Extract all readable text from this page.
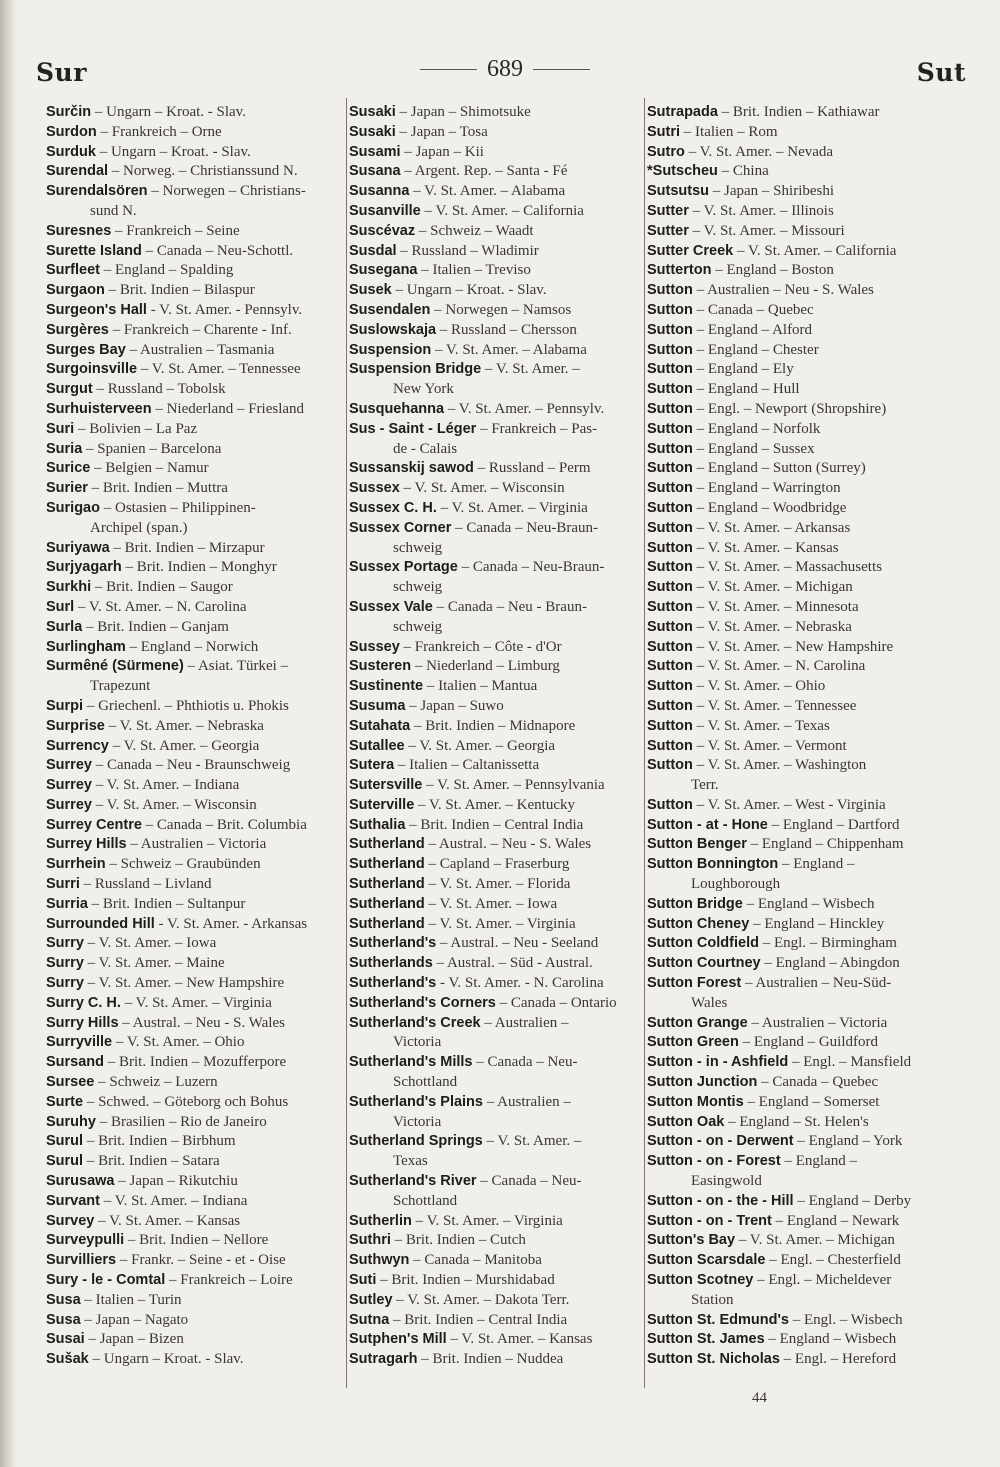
Sur	689	Sut
Surčin – Ungarn – Kroat. - Slav.
Surdon – Frankreich – Orne
Surduk – Ungarn – Kroat. - Slav.
Surendal – Norweg. – Christianssund N.
Surendalsören – Norwegen – Christians-
sund N.
Suresnes – Frankreich – Seine
Surette Island – Canada – Neu-Schottl.
Surfleet – England – Spalding
Surgaon – Brit. Indien – Bilaspur
Surgeon's Hall - V. St. Amer. - Pennsylv.
Surgères – Frankreich – Charente - Inf.
Surges Bay – Australien – Tasmania
Surgoinsville – V. St. Amer. – Tennessee
Surgut – Russland – Tobolsk
Surhuisterveen – Niederland – Friesland
Suri – Bolivien – La Paz
Suria – Spanien – Barcelona
Surice – Belgien – Namur
Surier – Brit. Indien – Muttra
Surigao – Ostasien – Philippinen-
Archipel (span.)
Suriyawa – Brit. Indien – Mirzapur
Surjyagarh – Brit. Indien – Monghyr
Surkhi – Brit. Indien – Saugor
Surl – V. St. Amer. – N. Carolina
Surla – Brit. Indien – Ganjam
Surlingham – England – Norwich
Surmêné (Sürmene) – Asiat. Türkei –
Trapezunt
Surpi – Griechenl. – Phthiotis u. Phokis
Surprise – V. St. Amer. – Nebraska
Surrency – V. St. Amer. – Georgia
Surrey – Canada – Neu - Braunschweig
Surrey – V. St. Amer. – Indiana
Surrey – V. St. Amer. – Wisconsin
Surrey Centre – Canada – Brit. Columbia
Surrey Hills – Australien – Victoria
Surrhein – Schweiz – Graubünden
Surri – Russland – Livland
Surria – Brit. Indien – Sultanpur
Surrounded Hill - V. St. Amer. - Arkansas
Surry – V. St. Amer. – Iowa
Surry – V. St. Amer. – Maine
Surry – V. St. Amer. – New Hampshire
Surry C. H. – V. St. Amer. – Virginia
Surry Hills – Austral. – Neu - S. Wales
Surryville – V. St. Amer. – Ohio
Sursand – Brit. Indien – Mozufferpore
Sursee – Schweiz – Luzern
Surte – Schwed. – Göteborg och Bohus
Suruhy – Brasilien – Rio de Janeiro
Surul – Brit. Indien – Birbhum
Surul – Brit. Indien – Satara
Surusawa – Japan – Rikutchiu
Survant – V. St. Amer. – Indiana
Survey – V. St. Amer. – Kansas
Surveypulli – Brit. Indien – Nellore
Survilliers – Frankr. – Seine - et - Oise
Sury - le - Comtal – Frankreich – Loire
Susa – Italien – Turin
Susa – Japan – Nagato
Susai – Japan – Bizen
Sušak – Ungarn – Kroat. - Slav.
Susaki – Japan – Shimotsuke
Susaki – Japan – Tosa
Susami – Japan – Kii
Susana – Argent. Rep. – Santa - Fé
Susanna – V. St. Amer. – Alabama
Susanville – V. St. Amer. – California
Suscévaz – Schweiz – Waadt
Susdal – Russland – Wladimir
Susegana – Italien – Treviso
Susek – Ungarn – Kroat. - Slav.
Susendalen – Norwegen – Namsos
Suslowskaja – Russland – Chersson
Suspension – V. St. Amer. – Alabama
Suspension Bridge – V. St. Amer. –
New York
Susquehanna – V. St. Amer. – Pennsylv.
Sus - Saint - Léger – Frankreich – Pas-
de - Calais
Sussanskij sawod – Russland – Perm
Sussex – V. St. Amer. – Wisconsin
Sussex C. H. – V. St. Amer. – Virginia
Sussex Corner – Canada – Neu-Braun-
schweig
Sussex Portage – Canada – Neu-Braun-
schweig
Sussex Vale – Canada – Neu - Braun-
schweig
Sussey – Frankreich – Côte - d'Or
Susteren – Niederland – Limburg
Sustinente – Italien – Mantua
Susuma – Japan – Suwo
Sutahata – Brit. Indien – Midnapore
Sutallee – V. St. Amer. – Georgia
Sutera – Italien – Caltanissetta
Sutersville – V. St. Amer. – Pennsylvania
Suterville – V. St. Amer. – Kentucky
Suthalia – Brit. Indien – Central India
Sutherland – Austral. – Neu - S. Wales
Sutherland – Capland – Fraserburg
Sutherland – V. St. Amer. – Florida
Sutherland – V. St. Amer. – Iowa
Sutherland – V. St. Amer. – Virginia
Sutherland's – Austral. – Neu - Seeland
Sutherlands – Austral. – Süd - Austral.
Sutherland's - V. St. Amer. - N. Carolina
Sutherland's Corners – Canada – Ontario
Sutherland's Creek – Australien –
Victoria
Sutherland's Mills – Canada – Neu-
Schottland
Sutherland's Plains – Australien –
Victoria
Sutherland Springs – V. St. Amer. –
Texas
Sutherland's River – Canada – Neu-
Schottland
Sutherlin – V. St. Amer. – Virginia
Suthri – Brit. Indien – Cutch
Suthwyn – Canada – Manitoba
Suti – Brit. Indien – Murshidabad
Sutley – V. St. Amer. – Dakota Terr.
Sutna – Brit. Indien – Central India
Sutphen's Mill – V. St. Amer. – Kansas
Sutragarh – Brit. Indien – Nuddea
Sutrapada – Brit. Indien – Kathiawar
Sutri – Italien – Rom
Sutro – V. St. Amer. – Nevada
*Sutscheu – China
Sutsutsu – Japan – Shiribeshi
Sutter – V. St. Amer. – Illinois
Sutter – V. St. Amer. – Missouri
Sutter Creek – V. St. Amer. – California
Sutterton – England – Boston
Sutton – Australien – Neu - S. Wales
Sutton – Canada – Quebec
Sutton – England – Alford
Sutton – England – Chester
Sutton – England – Ely
Sutton – England – Hull
Sutton – Engl. – Newport (Shropshire)
Sutton – England – Norfolk
Sutton – England – Sussex
Sutton – England – Sutton (Surrey)
Sutton – England – Warrington
Sutton – England – Woodbridge
Sutton – V. St. Amer. – Arkansas
Sutton – V. St. Amer. – Kansas
Sutton – V. St. Amer. – Massachusetts
Sutton – V. St. Amer. – Michigan
Sutton – V. St. Amer. – Minnesota
Sutton – V. St. Amer. – Nebraska
Sutton – V. St. Amer. – New Hampshire
Sutton – V. St. Amer. – N. Carolina
Sutton – V. St. Amer. – Ohio
Sutton – V. St. Amer. – Tennessee
Sutton – V. St. Amer. – Texas
Sutton – V. St. Amer. – Vermont
Sutton – V. St. Amer. – Washington
Terr.
Sutton – V. St. Amer. – West - Virginia
Sutton - at - Hone – England – Dartford
Sutton Benger – England – Chippenham
Sutton Bonnington – England –
Loughborough
Sutton Bridge – England – Wisbech
Sutton Cheney – England – Hinckley
Sutton Coldfield – Engl. – Birmingham
Sutton Courtney – England – Abingdon
Sutton Forest – Australien – Neu-Süd-
Wales
Sutton Grange – Australien – Victoria
Sutton Green – England – Guildford
Sutton - in - Ashfield – Engl. – Mansfield
Sutton Junction – Canada – Quebec
Sutton Montis – England – Somerset
Sutton Oak – England – St. Helen's
Sutton - on - Derwent – England – York
Sutton - on - Forest – England –
Easingwold
Sutton - on - the - Hill – England – Derby
Sutton - on - Trent – England – Newark
Sutton's Bay – V. St. Amer. – Michigan
Sutton Scarsdale – Engl. – Chesterfield
Sutton Scotney – Engl. – Micheldever
Station
Sutton St. Edmund's – Engl. – Wisbech
Sutton St. James – England – Wisbech
Sutton St. Nicholas – Engl. – Hereford
44
